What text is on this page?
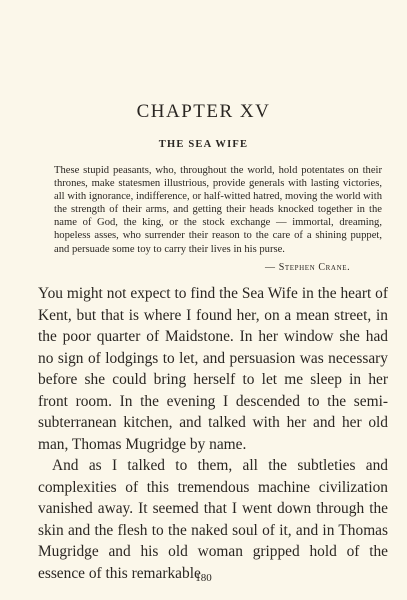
CHAPTER XV
THE SEA WIFE

These stupid peasants, who, throughout the world, hold potentates on their thrones, make statesmen illustrious, provide generals with lasting victories, all with ignorance, indifference, or half-witted hatred, moving the world with the strength of their arms, and getting their heads knocked together in the name of God, the king, or the stock exchange — immortal, dreaming, hopeless asses, who surrender their reason to the care of a shining puppet, and persuade some toy to carry their lives in his purse.

— Stephen Crane.

You might not expect to find the Sea Wife in the heart of Kent, but that is where I found her, on a mean street, in the poor quarter of Maidstone. In her window she had no sign of lodgings to let, and persuasion was necessary before she could bring herself to let me sleep in her front room. In the evening I descended to the semi-subterranean kitchen, and talked with her and her old man, Thomas Mugridge by name.

And as I talked to them, all the subtleties and complexities of this tremendous machine civilization vanished away. It seemed that I went down through the skin and the flesh to the naked soul of it, and in Thomas Mugridge and his old woman gripped hold of the essence of this remarkable

180
